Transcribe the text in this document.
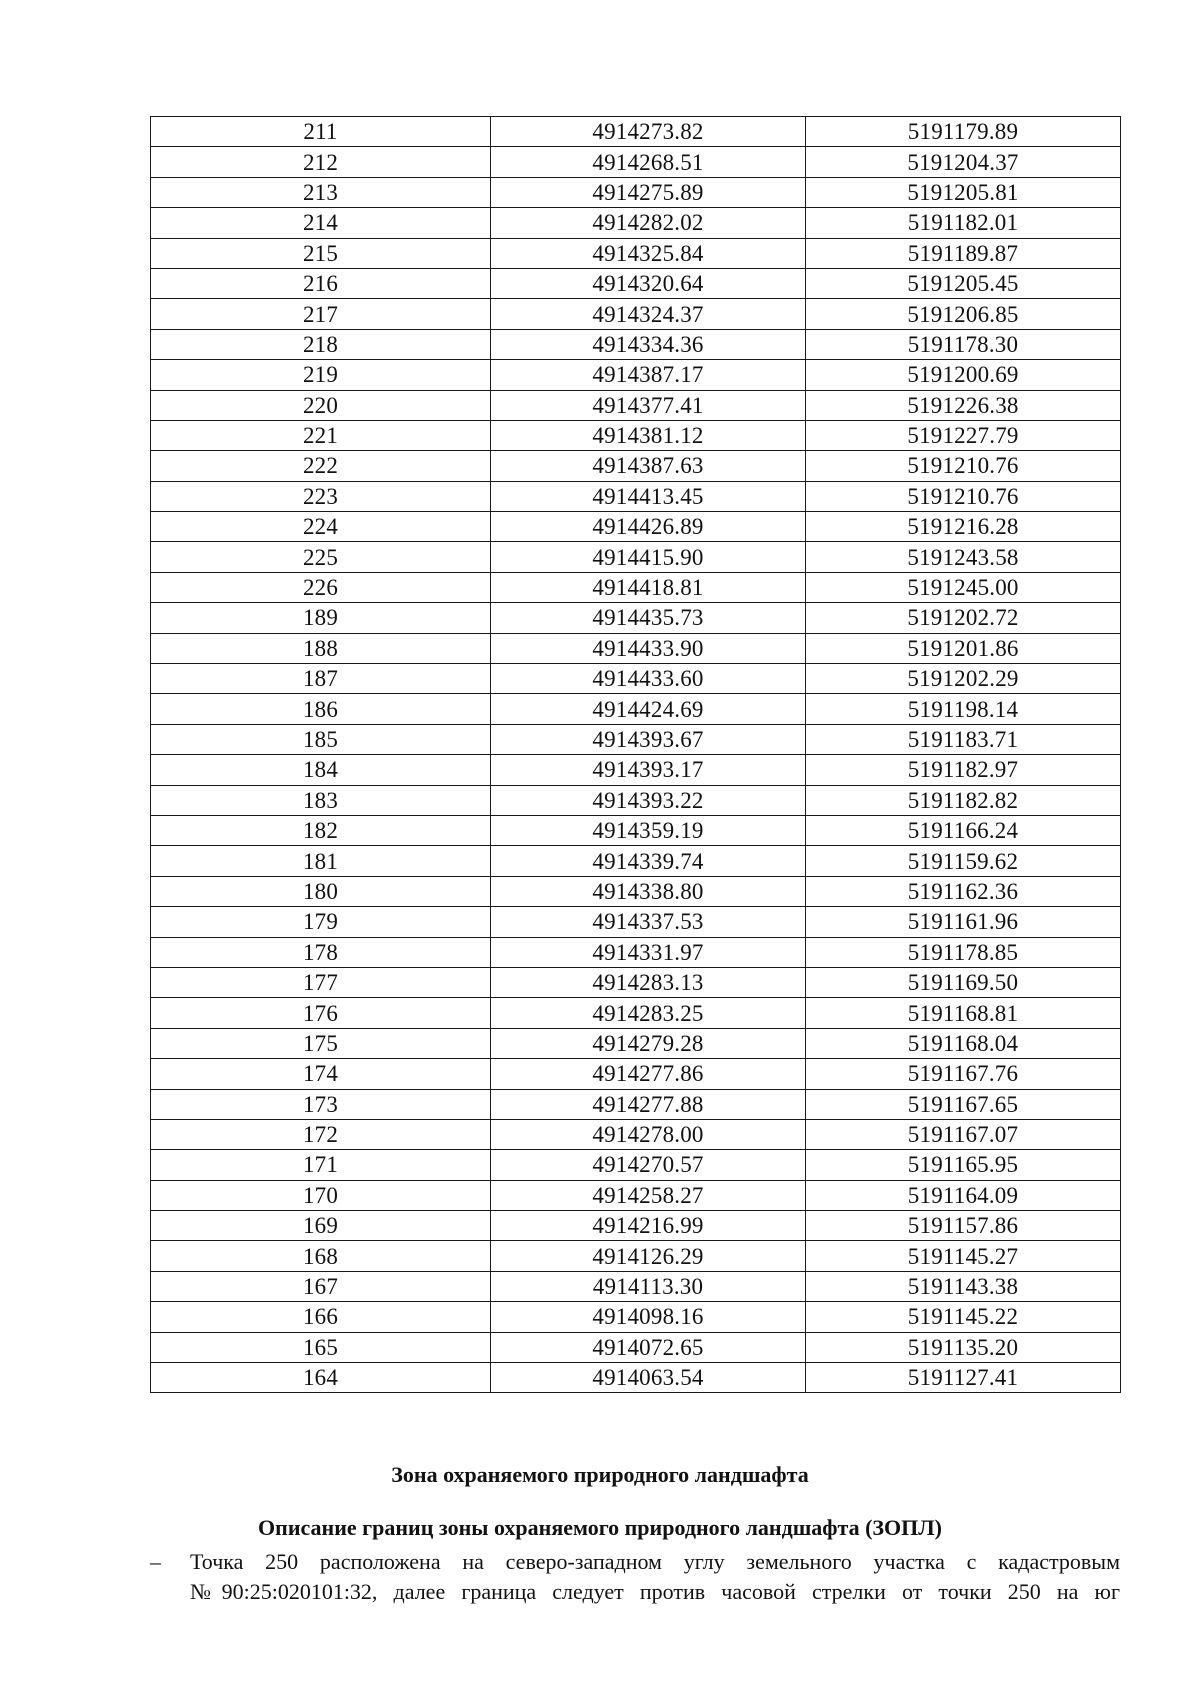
211	4914273.82	5191179.89
212	4914268.51	5191204.37
213	4914275.89	5191205.81
214	4914282.02	5191182.01
215	4914325.84	5191189.87
216	4914320.64	5191205.45
217	4914324.37	5191206.85
218	4914334.36	5191178.30
219	4914387.17	5191200.69
220	4914377.41	5191226.38
221	4914381.12	5191227.79
222	4914387.63	5191210.76
223	4914413.45	5191210.76
224	4914426.89	5191216.28
225	4914415.90	5191243.58
226	4914418.81	5191245.00
189	4914435.73	5191202.72
188	4914433.90	5191201.86
187	4914433.60	5191202.29
186	4914424.69	5191198.14
185	4914393.67	5191183.71
184	4914393.17	5191182.97
183	4914393.22	5191182.82
182	4914359.19	5191166.24
181	4914339.74	5191159.62
180	4914338.80	5191162.36
179	4914337.53	5191161.96
178	4914331.97	5191178.85
177	4914283.13	5191169.50
176	4914283.25	5191168.81
175	4914279.28	5191168.04
174	4914277.86	5191167.76
173	4914277.88	5191167.65
172	4914278.00	5191167.07
171	4914270.57	5191165.95
170	4914258.27	5191164.09
169	4914216.99	5191157.86
168	4914126.29	5191145.27
167	4914113.30	5191143.38
166	4914098.16	5191145.22
165	4914072.65	5191135.20
164	4914063.54	5191127.41
Зона охраняемого природного ландшафта
Описание границ зоны охраняемого природного ландшафта (ЗОПЛ)

– Точка 250 расположена на северо-западном углу земельного участка с кадастровым №90:25:020101:32, далее граница следует против часовой стрелки от точки 250 на юг
